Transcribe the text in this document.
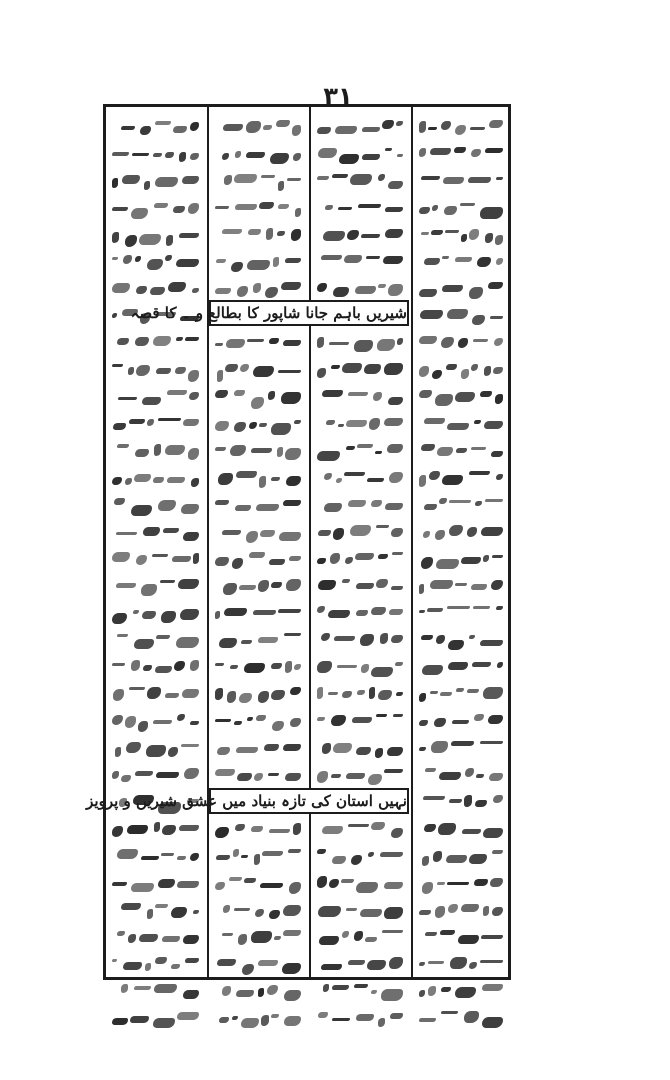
۳۱
شیریں باہم جانا شاپور کا بطالع و ۔ کا قصہ
نہیں استان کی تازہ بنیاد میں عشق شیریں و پرویز
